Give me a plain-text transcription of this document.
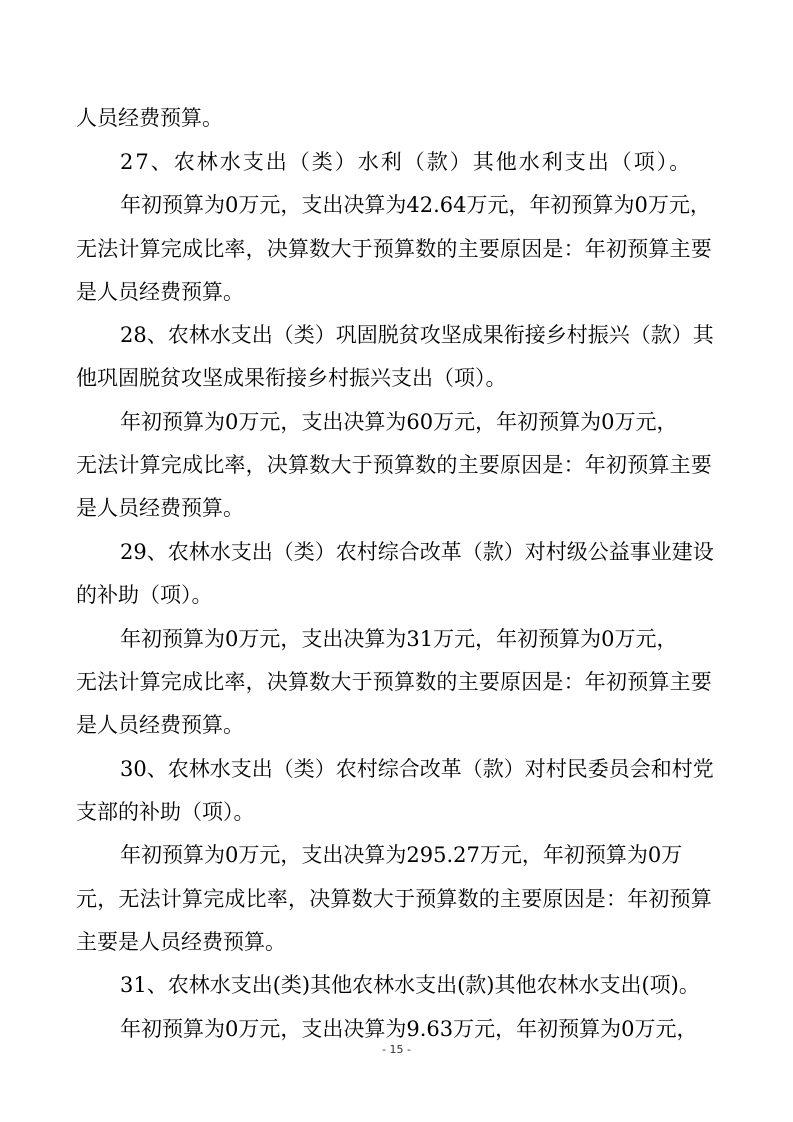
人员经费预算。
27、农林水支出（类）水利（款）其他水利支出（项）。
年初预算为0万元，支出决算为42.64万元，年初预算为0万元，
无法计算完成比率，决算数大于预算数的主要原因是：年初预算主要
是人员经费预算。
28、农林水支出（类）巩固脱贫攻坚成果衔接乡村振兴（款）其
他巩固脱贫攻坚成果衔接乡村振兴支出（项）。
年初预算为0万元，支出决算为60万元，年初预算为0万元，
无法计算完成比率，决算数大于预算数的主要原因是：年初预算主要
是人员经费预算。
29、农林水支出（类）农村综合改革（款）对村级公益事业建设
的补助（项）。
年初预算为0万元，支出决算为31万元，年初预算为0万元，
无法计算完成比率，决算数大于预算数的主要原因是：年初预算主要
是人员经费预算。
30、农林水支出（类）农村综合改革（款）对村民委员会和村党
支部的补助（项）。
年初预算为0万元，支出决算为295.27万元，年初预算为0万
元，无法计算完成比率，决算数大于预算数的主要原因是：年初预算
主要是人员经费预算。
31、农林水支出(类)其他农林水支出(款)其他农林水支出(项)。
年初预算为0万元，支出决算为9.63万元，年初预算为0万元，
- 15 -
